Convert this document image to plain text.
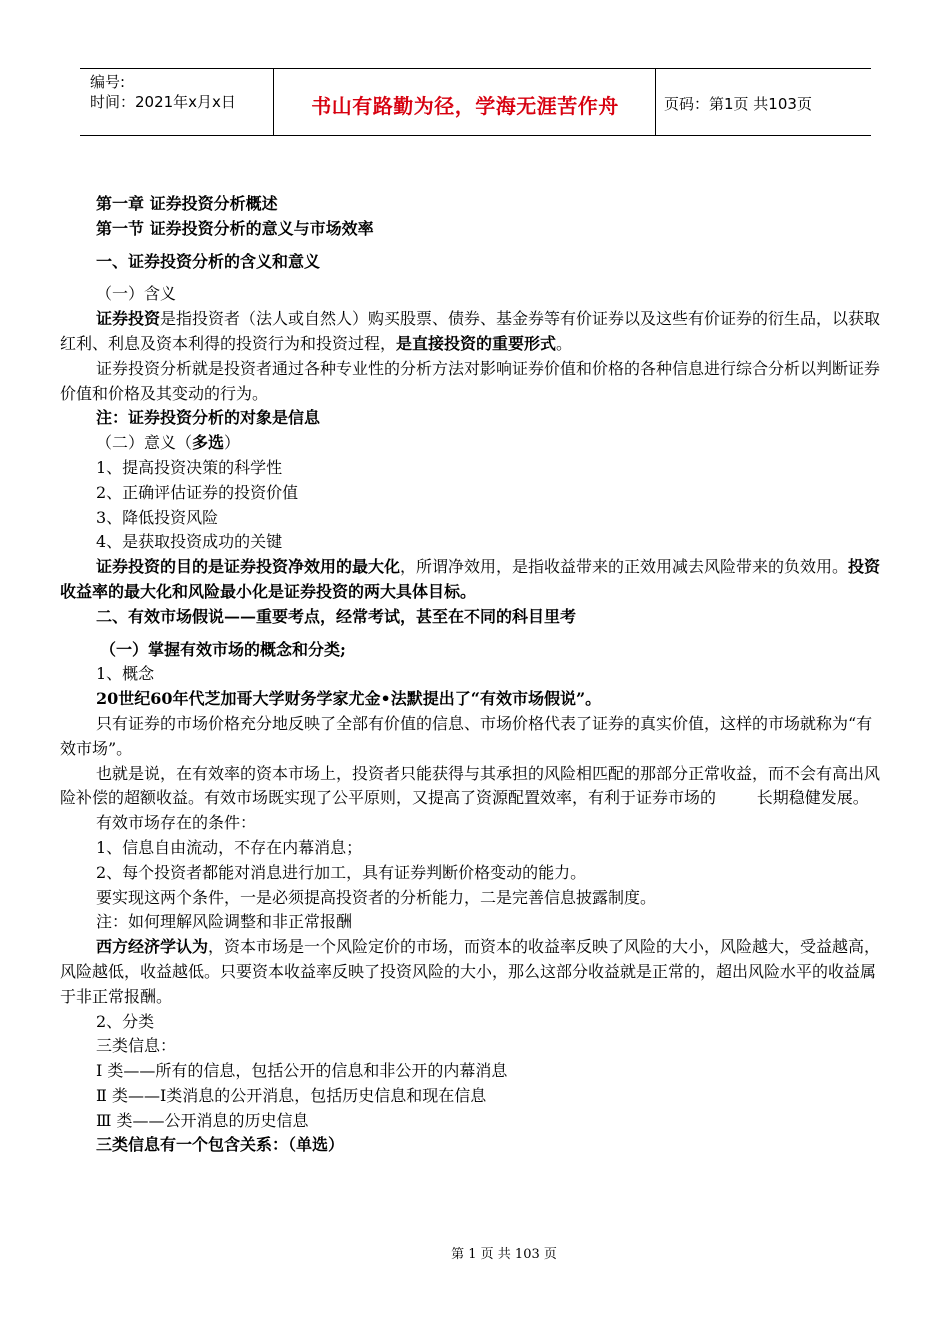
编号:
时间：2021年x月x日	书山有路勤为径，学海无涯苦作舟	页码：第1页 共103页

第一章 证券投资分析概述

第一节 证券投资分析的意义与市场效率

一、证券投资分析的含义和意义

（一）含义

证券投资是指投资者（法人或自然人）购买股票、债券、基金券等有价证券以及这些有价证券的衍生品，以获取红利、利息及资本利得的投资行为和投资过程，是直接投资的重要形式。

证券投资分析就是投资者通过各种专业性的分析方法对影响证券价值和价格的各种信息进行综合分析以判断证券价值和价格及其变动的行为。

注：证券投资分析的对象是信息

（二）意义（多选）

1、提高投资决策的科学性

2、正确评估证券的投资价值

3、降低投资风险

4、是获取投资成功的关键

证券投资的目的是证券投资净效用的最大化，所谓净效用，是指收益带来的正效用减去风险带来的负效用。投资收益率的最大化和风险最小化是证券投资的两大具体目标。

二、有效市场假说——重要考点，经常考试，甚至在不同的科目里考

（一）掌握有效市场的概念和分类;

1、概念

20世纪60年代芝加哥大学财务学家尤金•法默提出了“有效市场假说”。

只有证券的市场价格充分地反映了全部有价值的信息、市场价格代表了证券的真实价值，这样的市场就称为“有效市场”。

也就是说，在有效率的资本市场上，投资者只能获得与其承担的风险相匹配的那部分正常收益，而不会有高出风险补偿的超额收益。有效市场既实现了公平原则，又提高了资源配置效率，有利于证券市场的        长期稳健发展。

有效市场存在的条件：

1、信息自由流动，不存在内幕消息；

2、每个投资者都能对消息进行加工，具有证券判断价格变动的能力。

要实现这两个条件，一是必须提高投资者的分析能力，二是完善信息披露制度。

注：如何理解风险调整和非正常报酬

西方经济学认为，资本市场是一个风险定价的市场，而资本的收益率反映了风险的大小，风险越大，受益越高，风险越低，收益越低。只要资本收益率反映了投资风险的大小，那么这部分收益就是正常的，超出风险水平的收益属于非正常报酬。

2、分类

三类信息：

Ⅰ 类——所有的信息，包括公开的信息和非公开的内幕消息

Ⅱ 类——Ⅰ类消息的公开消息，包括历史信息和现在信息

Ⅲ 类——公开消息的历史信息

三类信息有一个包含关系：（单选）

第 1 页 共 103 页
